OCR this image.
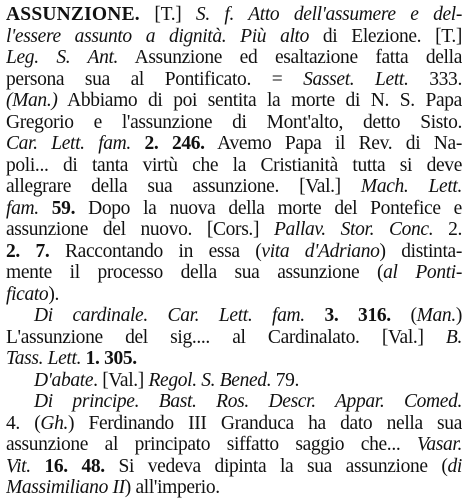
ASSUNZIONE. [T.] S. f. Atto dell'assumere e del-
l'essere assunto a dignità. Più alto di Elezione. [T.]
Leg. S. Ant. Assunzione ed esaltazione fatta della
persona sua al Pontificato. = Sasset. Lett. 333.
(Man.) Abbiamo di poi sentita la morte di N. S. Papa
Gregorio e l'assunzione di Mont'alto, detto Sisto.
Car. Lett. fam. 2. 246. Avemo Papa il Rev. di Na-
poli... di tanta virtù che la Cristianità tutta si deve
allegrare della sua assunzione. [Val.] Mach. Lett.
fam. 59. Dopo la nuova della morte del Pontefice e
assunzione del nuovo. [Cors.] Pallav. Stor. Conc. 2.
2. 7. Raccontando in essa (vita d'Adriano) distinta-
mente il processo della sua assunzione (al Ponti-
ficato).
Di cardinale. Car. Lett. fam. 3. 316. (Man.)
L'assunzione del sig.... al Cardinalato. [Val.] B.
Tass. Lett. 1. 305.
D'abate. [Val.] Regol. S. Bened. 79.
Di principe. Bast. Ros. Descr. Appar. Comed.
4. (Gh.) Ferdinando III Granduca ha dato nella sua
assunzione al principato siffatto saggio che... Vasar.
Vit. 16. 48. Si vedeva dipinta la sua assunzione (di
Massimiliano II) all'imperio.
